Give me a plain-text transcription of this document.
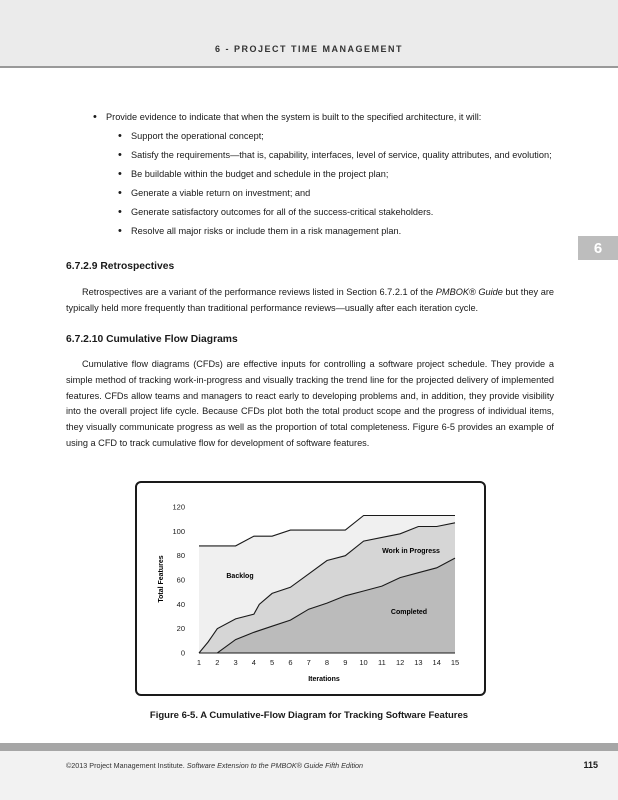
6 - PROJECT TIME MANAGEMENT
6
• Provide evidence to indicate that when the system is built to the specified architecture, it will:
• Support the operational concept;
• Satisfy the requirements—that is, capability, interfaces, level of service, quality attributes, and evolution;
• Be buildable within the budget and schedule in the project plan;
• Generate a viable return on investment; and
• Generate satisfactory outcomes for all of the success-critical stakeholders.
• Resolve all major risks or include them in a risk management plan.
6.7.2.9 Retrospectives

Retrospectives are a variant of the performance reviews listed in Section 6.7.2.1 of the PMBOK® Guide but they are typically held more frequently than traditional performance reviews—usually after each iteration cycle.

6.7.2.10 Cumulative Flow Diagrams

Cumulative flow diagrams (CFDs) are effective inputs for controlling a software project schedule. They provide a simple method of tracking work-in-progress and visually tracking the trend line for the projected delivery of implemented features. CFDs allow teams and managers to react early to developing problems and, in addition, they provide visibility into the overall project life cycle. Because CFDs plot both the total product scope and the progress of individual items, they visually communicate progress as well as the proportion of total completeness. Figure 6-5 provides an example of using a CFD to track cumulative flow for development of software features.

0
20
40
60
80
100
120
1 2 3 4 5 6 7 8 9 10 11 12 13 14 15
Total Features
Iterations
Backlog
Work in Progress
Completed
Figure 6-5. A Cumulative-Flow Diagram for Tracking Software Features
©2013 Project Management Institute. Software Extension to the PMBOK® Guide Fifth Edition	115
